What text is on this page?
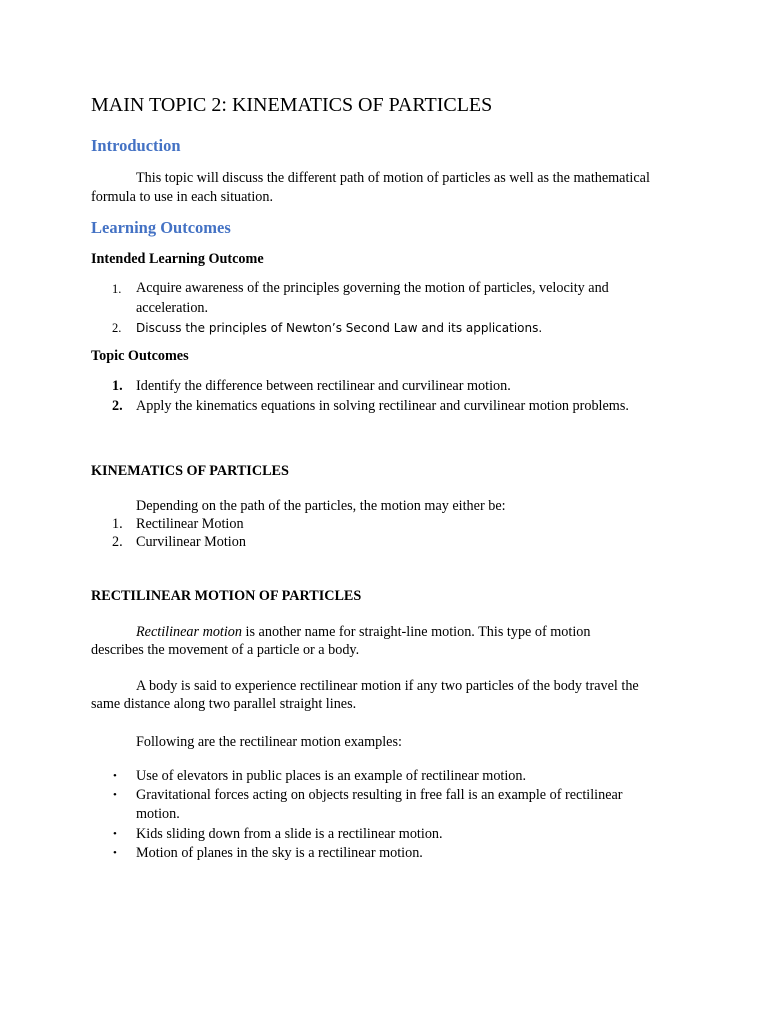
MAIN TOPIC 2: KINEMATICS OF PARTICLES
Introduction
This topic will discuss the different path of motion of particles as well as the mathematical
formula to use in each situation.
Learning Outcomes
Intended Learning Outcome
1. Acquire awareness of the principles governing the motion of particles, velocity and
acceleration.
2. Discuss the principles of Newton’s Second Law and its applications.
Topic Outcomes
1. Identify the difference between rectilinear and curvilinear motion.
2. Apply the kinematics equations in solving rectilinear and curvilinear motion problems.
KINEMATICS OF PARTICLES
Depending on the path of the particles, the motion may either be:
1. Rectilinear Motion
2. Curvilinear Motion
RECTILINEAR MOTION OF PARTICLES
Rectilinear motion is another name for straight-line motion. This type of motion
describes the movement of a particle or a body.
A body is said to experience rectilinear motion if any two particles of the body travel the
same distance along two parallel straight lines.
Following are the rectilinear motion examples:
• Use of elevators in public places is an example of rectilinear motion.
• Gravitational forces acting on objects resulting in free fall is an example of rectilinear
motion.
• Kids sliding down from a slide is a rectilinear motion.
• Motion of planes in the sky is a rectilinear motion.
